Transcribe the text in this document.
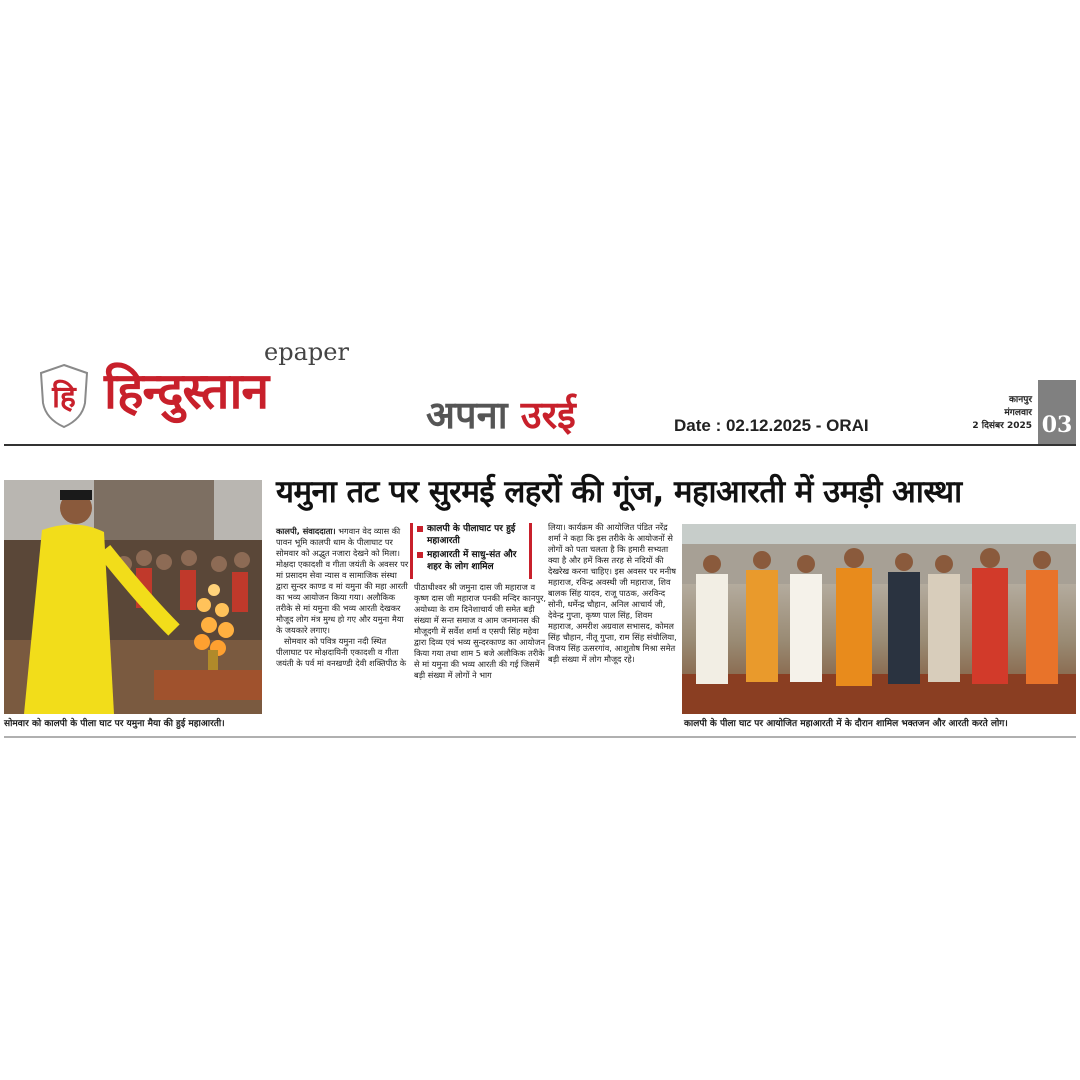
हि हिन्दुस्तान
epaper
अपना उरई	Date : 02.12.2025 - ORAI
कानपुर
मंगलवार
2 दिसंबर 2025 03
यमुना तट पर सुरमई लहरों की गूंज, महाआरती में उमड़ी आस्था
सोमवार को कालपी के पीला घाट पर यमुना मैया की हुई महाआरती।

कालपी, संवाददाता। भगवान वेद व्यास की पावन भूमि कालपी धाम के पीलाघाट पर सोमवार को अद्भुत नजारा देखने को मिला। मोक्षदा एकादशी व गीता जयंती के अवसर पर मां प्रसादम सेवा न्यास व सामाजिक संस्था द्वारा सुन्दर काण्ड व मां यमुना की महा आरती का भव्य आयोजन किया गया। अलौकिक तरीके से मां यमुना की भव्य आरती देखकर मौजूद लोग मंत्र मुग्ध हो गए और यमुना मैया के जयकारे लगाए।

सोमवार को पवित्र यमुना नदी स्थित पीलाघाट पर मोक्षदायिनी एकादशी व गीता जयंती के पर्व मां वनखण्डी देवी शक्तिपीठ के

कालपी के पीलाघाट पर हुई महाआरती
महाआरती में साधु-संत और शहर के लोग शामिल

पीठाधीश्वर श्री जमुना दास जी महाराज व कृष्ण दास जी महाराज पनकी मन्दिर कानपुर, अयोध्या के राम दिनेशाचार्य जी समेत बड़ी संख्या में सन्त समाज व आम जनमानस की मौजूदगी में सर्वेश शर्मा व एसपी सिंह महेवा द्वारा दिव्य एवं भव्य सुन्दरकाण्ड का आयोजन किया गया तथा शाम 5 बजे अलौकिक तरीके से मां यमुना की भव्य आरती की गई जिसमें बड़ी संख्या में लोगों ने भाग

लिया। कार्यक्रम की आयोजित पंडित नरेंद्र शर्मा ने कहा कि इस तरीके के आयोजनों से लोगों को पता चलता है कि हमारी सभ्यता क्या है और हमें किस तरह से नदियों की देखरेख करना चाहिए। इस अवसर पर मनीष महाराज, रविन्द्र अवस्थी जी महाराज, शिव बालक सिंह यादव, राजू पाठक, अरविन्द सोनी, धर्मेन्द्र चौहान, अनिल आचार्य जी, देवेन्द्र गुप्ता, कृष्ण पाल सिंह, शिवम महाराज, अमरीश अग्रवाल सभासद, कोमल सिंह चौहान, नीतू गुप्ता, राम सिंह संचौलिया, विजय सिंह ऊसरगांव, आशुतोष मिश्रा समेत बड़ी संख्या में लोग मौजूद रहे।

कालपी के पीला घाट पर आयोजित महाआरती में के दौरान शामिल भक्तजन और आरती करते लोग।
